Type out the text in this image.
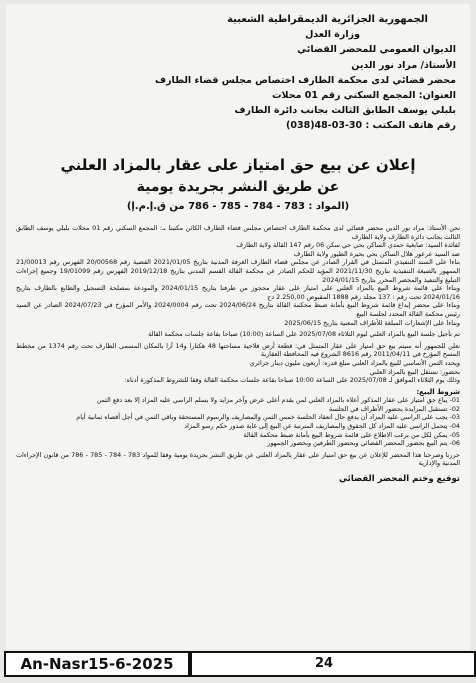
الجمهورية الجزائرية الديمقراطية الشعبية
وزارة العدل
الديوان العمومي للمحضر القضائي
الأستاذ/ مراد نور الدين
محضر قضائي لدى محكمة الطارف اختصاص مجلس قضاء الطارف
العنوان: المجمع السكني رقم 01 محلات
بلبلي يوسف الطابق الثالث بجانب دائرة الطارف
رقم هاتف المكتب : 30-03-48(038)
إعلان عن بيع حق امتياز على عقار بالمزاد العلني
عن طريق النشر بجريدة يومية
(المواد : 783 - 784 - 785 - 786 من ق.إ.م.إ)

نحن الأستاذ: مراد نور الدين محضر قضائي لدى محكمة الطارف اختصاص مجلس قضاء الطارف الكائن مكتبنا بـ: المجمع السكني رقم 01 محلات بلبلي يوسف الطابق الثالث بجانب دائرة الطارف ولاية الطارف

لفائدة السيد: صابغية حمدي الساكن بحي حي سكن 06 رقم 147 القالة ولاية الطارف

ضد السيد عرعور هلال الساكن بحي بحيرة الطيور ولاية الطارف

بناءا على السند التنفيذي المتمثل في القرار الصادر عن مجلس قضاء الطارف الغرفة المدنية بتاريخ 2021/01/05 القضية رقم 20/00568 الفهرس رقم 21/00013 الممهور بالصيغة التنفيذية بتاريخ 2021/11/30 المؤيد للحكم الصادر عن محكمة القالة القسم المدني بتاريخ 2019/12/18 الفهرس رقم 19/01099 وجميع إجراءات التبليغ والتنفيذ والمحضر المحرر بتاريخ 2024/01/15

وبناءا على قائمة شروط البيع بالمزاد العلني على امتياز على عقار محجوز من طرفنا بتاريخ 2024/01/15 والمودعة بمصلحة التسجيل والطابع بالطارف بتاريخ 2024/01/16 تحت رقم : 137 مجلد رقم 1888 المقبوض 2.250,00 دج

وبناءا على محضر إيداع قائمة شروط البيع بأمانة ضبط محكمة القالة بتاريخ 2024/06/24 تحت رقم 2024/0004 والأمر المؤرخ في 2024/07/23 الصادر عن السيد رئيس محكمة القالة المحدد لجلسة البيع

وبناءا على الإشعارات المبلغة للأطراف المعنية بتاريخ 2025/06/15

تم تأجيل جلسة البيع بالمزاد العلني ليوم الثلاثاء 2025/07/08 على الساعة (10:00) صباحا بقاعة جلسات محكمة القالة

نعلن للجمهور أنه سيتم بيع حق امتياز على عقار المتمثل في: قطعة أرض فلاحية مساحتها 48 هكتارا و14 آرا بالمكان المسمى الطارف تحت رقم 1374 من مخطط المسح المؤرخ في 2011/04/11 رقم 8616 الشروع فيه المحافظة العقارية

ويحدد الثمن الأساسي للبيع بالمزاد العلني مبلغ قدره: أربعون مليون دينار جزائري

بحضور: نستقل البيع بالمزاد العلني

وذلك يوم الثلاثاء الموافق لـ 2025/07/08 على الساعة 10:00 صباحا بقاعة جلسات محكمة القالة وفقا للشروط المذكورة أدناه:

شروط البيع:

01- يباع حق امتياز على عقار المذكور أعلاه بالمزاد العلني لمن يقدم أعلى عرض وآخر مزايد ولا يسلم الراسي عليه المزاد إلا بعد دفع الثمن

02- تستقبل المزايدة بحضور الأطراف في الجلسة

03- يجب على الراسي عليه المزاد أن يدفع حال انعقاد الجلسة خمس الثمن والمصاريف والرسوم المستحقة وباقي الثمن في أجل أقصاه ثمانية أيام

04- يتحمل الراسي عليه المزاد كل الحقوق والمصاريف المترتبة عن البيع إلى غاية صدور حكم رسو المزاد

05- يمكن لكل من يرغب الاطلاع على قائمة شروط البيع بأمانة ضبط محكمة القالة

06- يتم البيع بحضور المحضر القضائي وبحضور الطرفين وبحضور الجمهور

حررنا وصرحنا هذا المحضر للإعلان عن بيع حق امتياز على عقار بالمزاد العلني عن طريق النشر بجريدة يومية وفقا للمواد 783 - 784 - 785 - 786 من قانون الإجراءات المدنية والإدارية

توقيع وختم المحضر القضائي
An-Nasr15-6-2025	24
